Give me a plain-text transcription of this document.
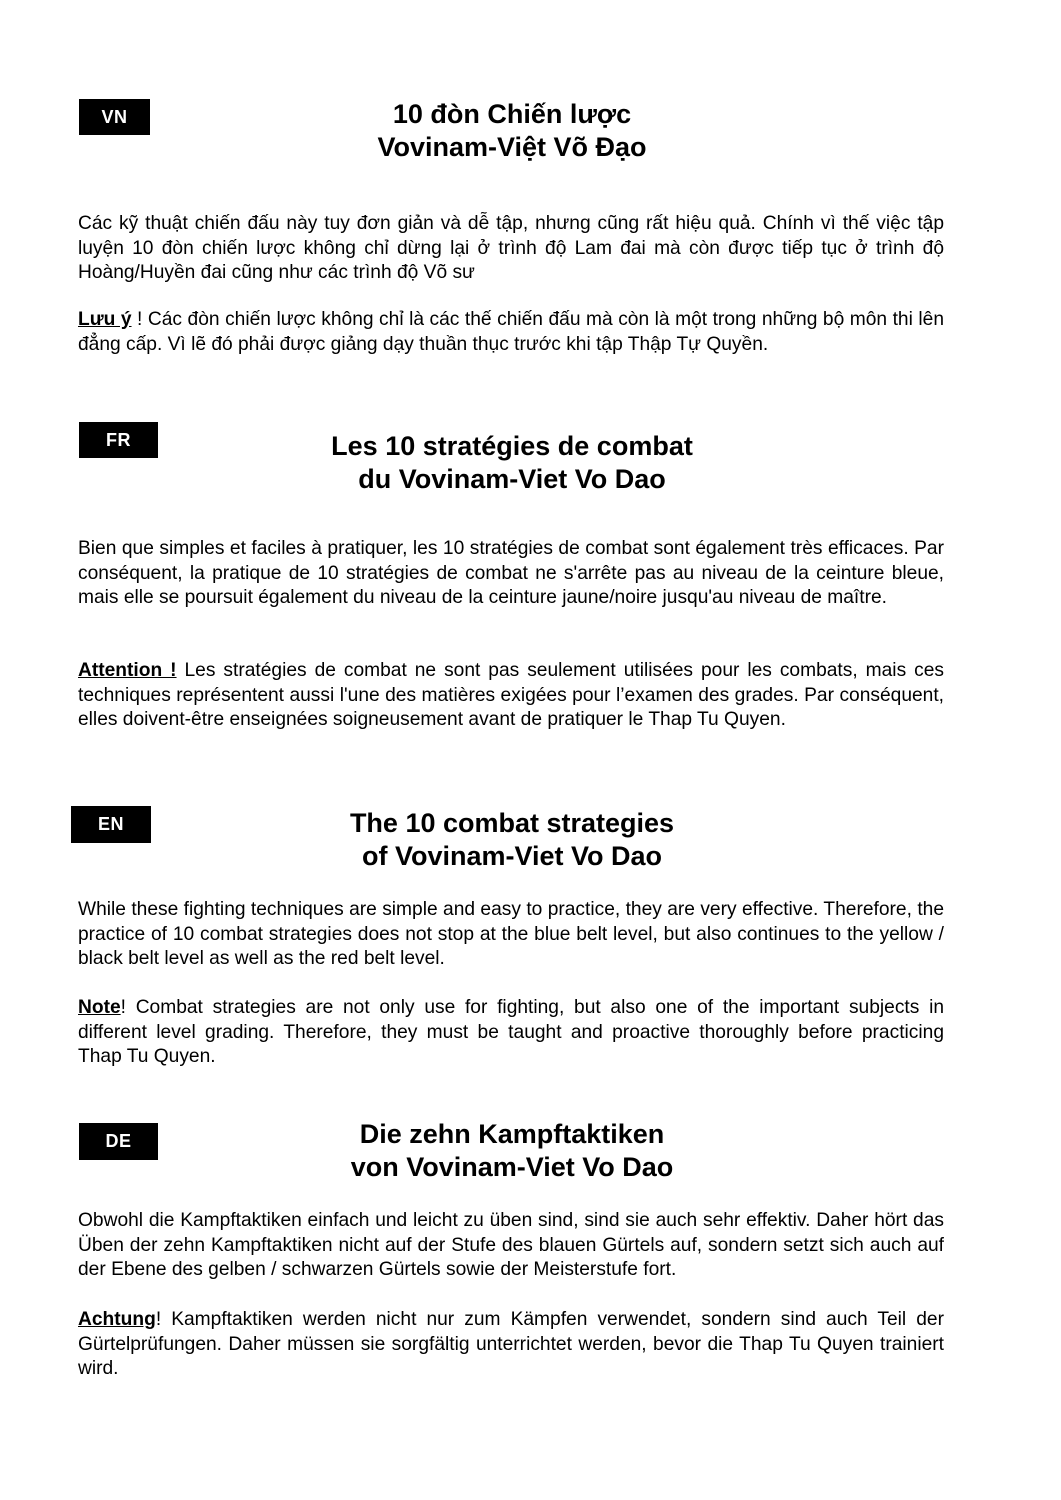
VN	10 đòn Chiến lược
Vovinam-Việt Võ Đạo

Các kỹ thuật chiến đấu này tuy đơn giản và dễ tập, nhưng cũng rất hiệu quả. Chính vì thế việc tập luyện 10 đòn chiến lược không chỉ dừng lại ở trình độ Lam đai mà còn được tiếp tục ở trình độ Hoàng/Huyền đai cũng như các trình độ Võ sư

Lưu ý ! Các đòn chiến lược không chỉ là các thế chiến đấu mà còn là một trong những bộ môn thi lên đẳng cấp. Vì lẽ đó phải được giảng dạy thuần thục trước khi tập Thập Tự Quyền.

FR	Les 10 stratégies de combat
du Vovinam-Viet Vo Dao

Bien que simples et faciles à pratiquer, les 10 stratégies de combat sont également très efficaces. Par conséquent, la pratique de 10 stratégies de combat ne s'arrête pas au niveau de la ceinture bleue, mais elle se poursuit également du niveau de la ceinture jaune/noire jusqu'au niveau de maître.

Attention ! Les stratégies de combat ne sont pas seulement utilisées pour les combats, mais ces techniques représentent aussi l'une des matières exigées pour l’examen des grades. Par conséquent, elles doivent-être enseignées soigneusement avant de pratiquer le Thap Tu Quyen.

EN	The 10 combat strategies
of Vovinam-Viet Vo Dao

While these fighting techniques are simple and easy to practice, they are very effective. Therefore, the practice of 10 combat strategies does not stop at the blue belt level, but also continues to the yellow / black belt level as well as the red belt level.

Note! Combat strategies are not only use for fighting, but also one of the important subjects in different level grading. Therefore, they must be taught and proactive thoroughly before practicing Thap Tu Quyen.

DE	Die zehn Kampftaktiken
von Vovinam-Viet Vo Dao

Obwohl die Kampftaktiken einfach und leicht zu üben sind, sind sie auch sehr effektiv. Daher hört das Üben der zehn Kampftaktiken nicht auf der Stufe des blauen Gürtels auf, sondern setzt sich auch auf der Ebene des gelben / schwarzen Gürtels sowie der Meisterstufe fort.

Achtung! Kampftaktiken werden nicht nur zum Kämpfen verwendet, sondern sind auch Teil der Gürtelprüfungen. Daher müssen sie sorgfältig unterrichtet werden, bevor die Thap Tu Quyen trainiert wird.
